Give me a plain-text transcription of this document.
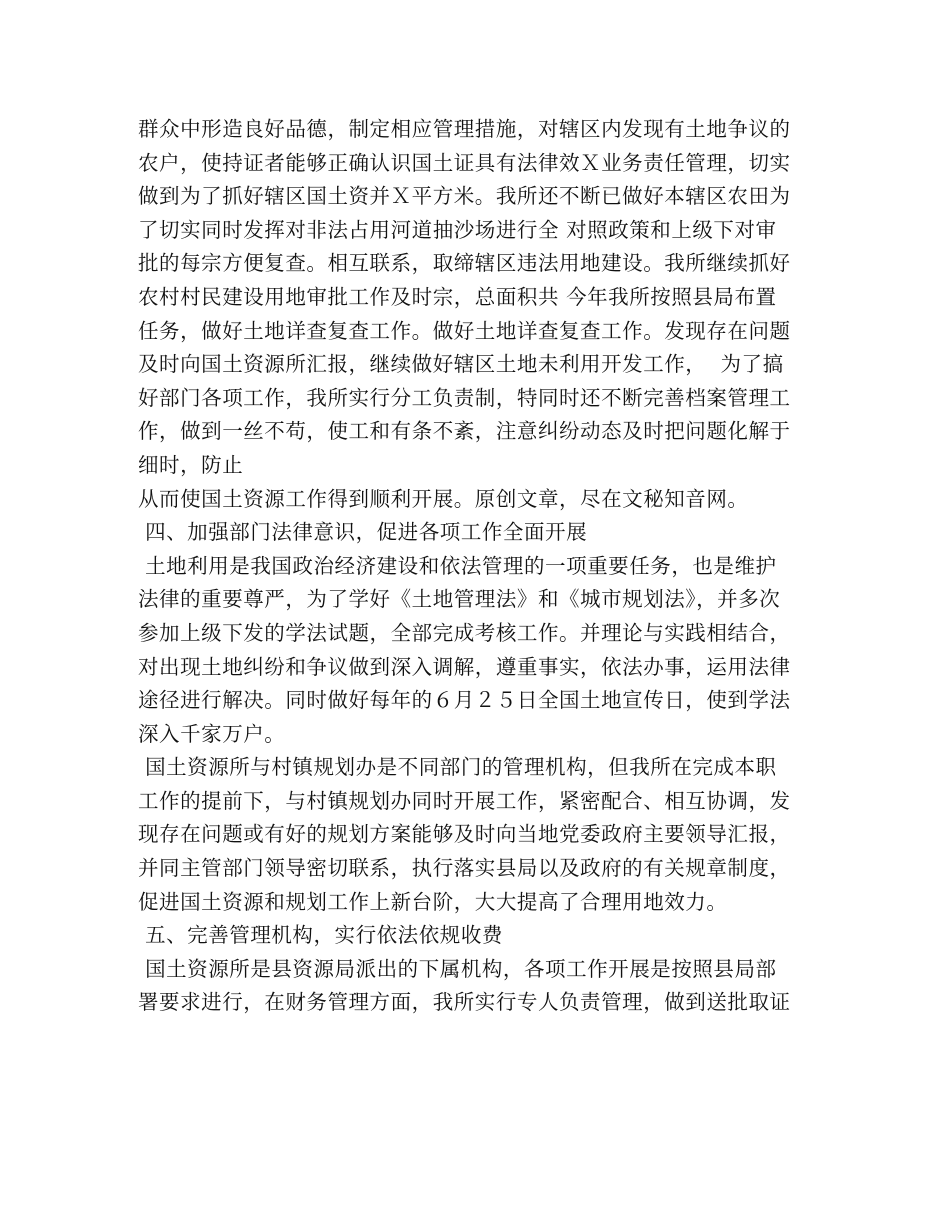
群众中形造良好品德，制定相应管理措施，对辖区内发现有土地争议的
农户，使持证者能够正确认识国土证具有法律效Ｘ业务责任管理，切实
做到为了抓好辖区国土资并Ｘ平方米。我所还不断已做好本辖区农田为
了切实同时发挥对非法占用河道抽沙场进行全 对照政策和上级下对审
批的每宗方便复查。相互联系，取缔辖区违法用地建设。我所继续抓好
农村村民建设用地审批工作及时宗，总面积共 今年我所按照县局布置
任务，做好土地详查复查工作。做好土地详查复查工作。发现存在问题
及时向国土资源所汇报，继续做好辖区土地未利用开发工作，  为了搞
好部门各项工作，我所实行分工负责制，特同时还不断完善档案管理工
作，做到一丝不苟，使工和有条不紊，注意纠纷动态及时把问题化解于
细时，防止
从而使国土资源工作得到顺利开展。原创文章，尽在文秘知音网。
四、加强部门法律意识，促进各项工作全面开展
土地利用是我国政治经济建设和依法管理的一项重要任务，也是维护
法律的重要尊严，为了学好《土地管理法》和《城市规划法》，并多次
参加上级下发的学法试题，全部完成考核工作。并理论与实践相结合，
对出现土地纠纷和争议做到深入调解，遵重事实，依法办事，运用法律
途径进行解决。同时做好每年的６月２５日全国土地宣传日，使到学法
深入千家万户。
国土资源所与村镇规划办是不同部门的管理机构，但我所在完成本职
工作的提前下，与村镇规划办同时开展工作，紧密配合、相互协调，发
现存在问题或有好的规划方案能够及时向当地党委政府主要领导汇报，
并同主管部门领导密切联系，执行落实县局以及政府的有关规章制度，
促进国土资源和规划工作上新台阶，大大提高了合理用地效力。
五、完善管理机构，实行依法依规收费
国土资源所是县资源局派出的下属机构，各项工作开展是按照县局部
署要求进行，在财务管理方面，我所实行专人负责管理，做到送批取证
